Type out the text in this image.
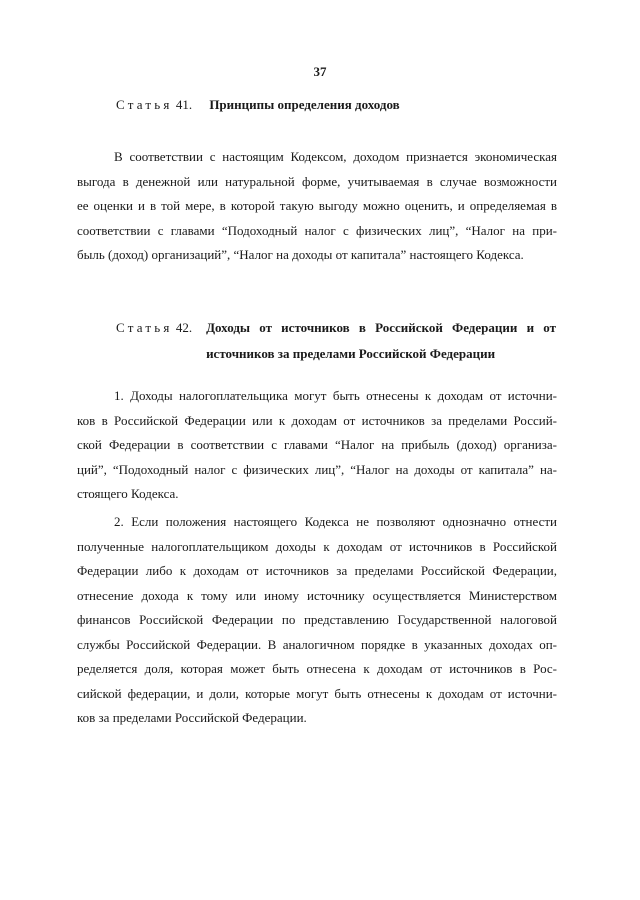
37
Статья 41. Принципы определения доходов
В соответствии с настоящим Кодексом, доходом признается экономическая
выгода в денежной или натуральной форме, учитываемая в случае возможности
ее оценки и в той мере, в которой такую выгоду можно оценить, и определяемая в
соответствии с главами “Подоходный налог с физических лиц”, “Налог на при-
быль (доход) организаций”, “Налог на доходы от капитала” настоящего Кодекса.
Статья 42.	Доходы от источников в Российской Федерации и от
источников за пределами Российской Федерации
1. Доходы налогоплательщика могут быть отнесены к доходам от источни-
ков в Российской Федерации или к доходам от источников за пределами Россий-
ской Федерации в соответствии с главами “Налог на прибыль (доход) организа-
ций”, “Подоходный налог с физических лиц”, “Налог на доходы от капитала” на-
стоящего Кодекса.
2. Если положения настоящего Кодекса не позволяют однозначно отнести
полученные налогоплательщиком доходы к доходам от источников в Российской
Федерации либо к доходам от источников за пределами Российской Федерации,
отнесение дохода к тому или иному источнику осуществляется Министерством
финансов Российской Федерации по представлению Государственной налоговой
службы Российской Федерации. В аналогичном порядке в указанных доходах оп-
ределяется доля, которая может быть отнесена к доходам от источников в Рос-
сийской федерации, и доли, которые могут быть отнесены к доходам от источни-
ков за пределами Российской Федерации.
